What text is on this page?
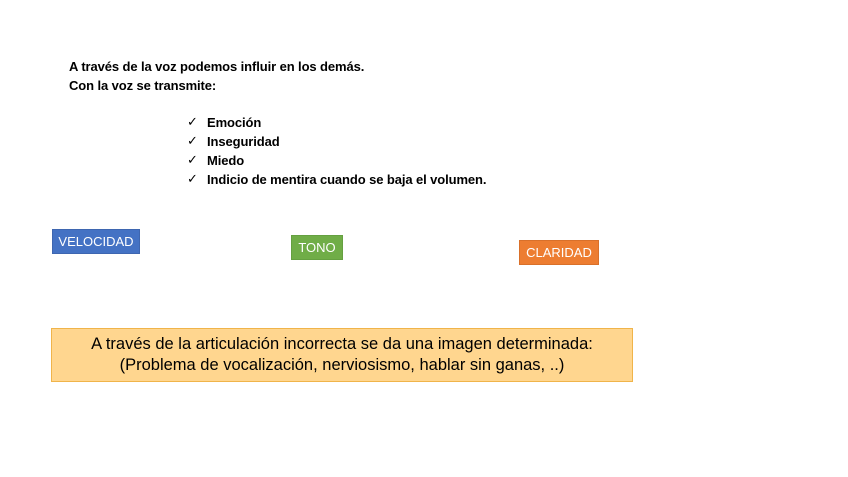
A través de la voz podemos influir en los demás.
Con la voz se transmite:
✓ Emoción
✓ Inseguridad
✓ Miedo
✓ Indicio de mentira cuando se baja el volumen.
VELOCIDAD	TONO	CLARIDAD
A través de la articulación incorrecta se da una imagen determinada:
(Problema de vocalización, nerviosismo, hablar sin ganas, ..)
